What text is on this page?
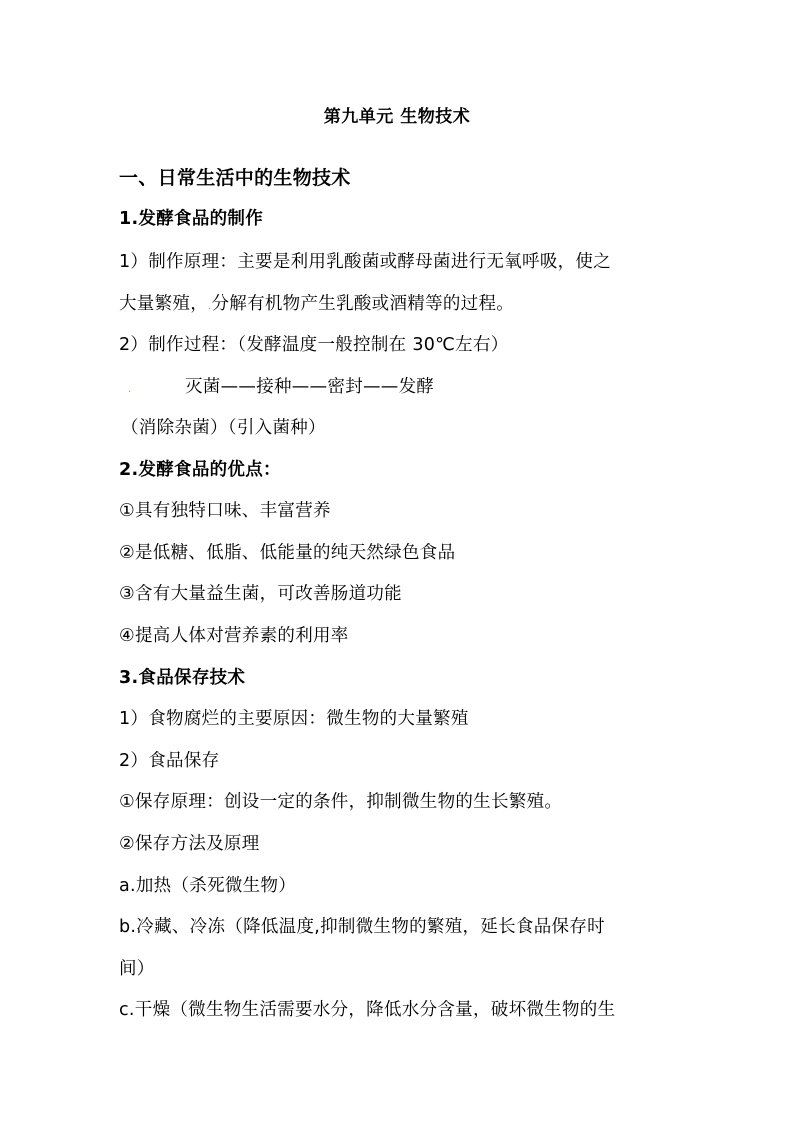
第九单元 生物技术
一、日常生活中的生物技术
1.发酵食品的制作
1）制作原理：主要是利用乳酸菌或酵母菌进行无氧呼吸，使之
大量繁殖，.分解有机物产生乳酸或酒精等的过程。
2）制作过程：（发酵温度一般控制在 30℃左右）
.	灭菌——接种——密封——发酵
（消除杂菌）（引入菌种）
2.发酵食品的优点：
①具有独特口味、丰富营养
②是低糖、低脂、低能量的纯天然绿色食品
③含有大量益生菌，可改善肠道功能
④提高人体对营养素的利用率
3.食品保存技术
1）食物腐烂的主要原因：微生物的大量繁殖
2）食品保存
①保存原理：创设一定的条件，抑制微生物的生长繁殖。
②保存方法及原理
a.加热（杀死微生物）
b.冷藏、冷冻（降低温度,抑制微生物的繁殖，延长食品保存时
间）
c.干燥（微生物生活需要水分，降低水分含量，破坏微生物的生
